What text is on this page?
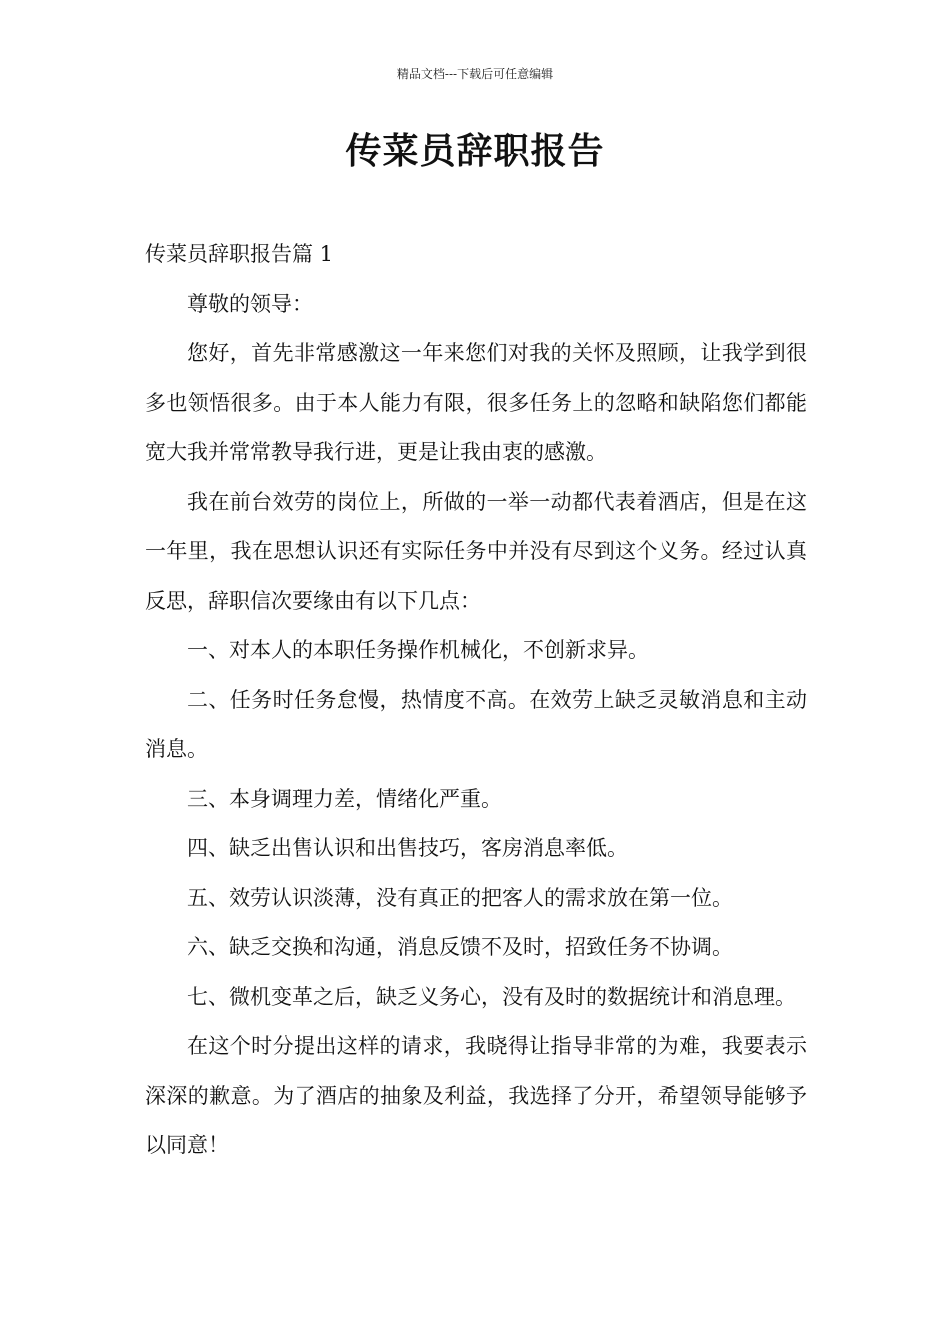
精品文档---下载后可任意编辑
传菜员辞职报告

传菜员辞职报告篇 1

尊敬的领导：

您好，首先非常感激这一年来您们对我的关怀及照顾，让我学到很多也领悟很多。由于本人能力有限，很多任务上的忽略和缺陷您们都能宽大我并常常教导我行进，更是让我由衷的感激。

我在前台效劳的岗位上，所做的一举一动都代表着酒店，但是在这一年里，我在思想认识还有实际任务中并没有尽到这个义务。经过认真反思，辞职信次要缘由有以下几点：

一、对本人的本职任务操作机械化，不创新求异。

二、任务时任务怠慢，热情度不高。在效劳上缺乏灵敏消息和主动消息。

三、本身调理力差，情绪化严重。

四、缺乏出售认识和出售技巧，客房消息率低。

五、效劳认识淡薄，没有真正的把客人的需求放在第一位。

六、缺乏交换和沟通，消息反馈不及时，招致任务不协调。

七、微机变革之后，缺乏义务心，没有及时的数据统计和消息理。

在这个时分提出这样的请求，我晓得让指导非常的为难，我要表示深深的歉意。为了酒店的抽象及利益，我选择了分开，希望领导能够予以同意！
